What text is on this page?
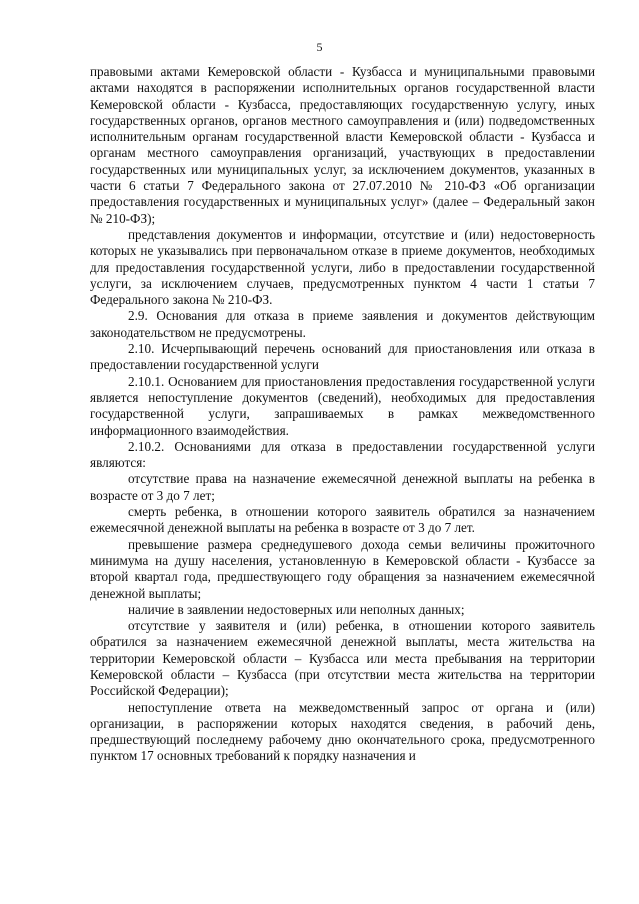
5

правовыми актами Кемеровской области - Кузбасса и муниципальными правовыми актами находятся в распоряжении исполнительных органов государственной власти Кемеровской области - Кузбасса, предоставляющих государственную услугу, иных государственных органов, органов местного самоуправления и (или) подведомственных исполнительным органам государственной власти Кемеровской области - Кузбасса и органам местного самоуправления организаций, участвующих в предоставлении государственных или муниципальных услуг, за исключением документов, указанных в части 6 статьи 7 Федерального закона от 27.07.2010 № 210-ФЗ «Об организации предоставления государственных и муниципальных услуг» (далее – Федеральный закон № 210-ФЗ);

представления документов и информации, отсутствие и (или) недостоверность которых не указывались при первоначальном отказе в приеме документов, необходимых для предоставления государственной услуги, либо в предоставлении государственной услуги, за исключением случаев, предусмотренных пунктом 4 части 1 статьи 7 Федерального закона № 210-ФЗ.

2.9. Основания для отказа в приеме заявления и документов действующим законодательством не предусмотрены.

2.10. Исчерпывающий перечень оснований для приостановления или отказа в предоставлении государственной услуги

2.10.1. Основанием для приостановления предоставления государственной услуги является непоступление документов (сведений), необходимых для предоставления государственной услуги, запрашиваемых в рамках межведомственного информационного взаимодействия.

2.10.2. Основаниями для отказа в предоставлении государственной услуги являются:

отсутствие права на назначение ежемесячной денежной выплаты на ребенка в возрасте от 3 до 7 лет;

смерть ребенка, в отношении которого заявитель обратился за назначением ежемесячной денежной выплаты на ребенка в возрасте от 3 до 7 лет.

превышение размера среднедушевого дохода семьи величины прожиточного минимума на душу населения, установленную в Кемеровской области - Кузбассе за второй квартал года, предшествующего году обращения за назначением ежемесячной денежной выплаты;

наличие в заявлении недостоверных или неполных данных;

отсутствие у заявителя и (или) ребенка, в отношении которого заявитель обратился за назначением ежемесячной денежной выплаты, места жительства на территории Кемеровской области – Кузбасса или места пребывания на территории Кемеровской области – Кузбасса (при отсутствии места жительства на территории Российской Федерации);

непоступление ответа на межведомственный запрос от органа и (или) организации, в распоряжении которых находятся сведения, в рабочий день, предшествующий последнему рабочему дню окончательного срока, предусмотренного пунктом 17 основных требований к порядку назначения и
